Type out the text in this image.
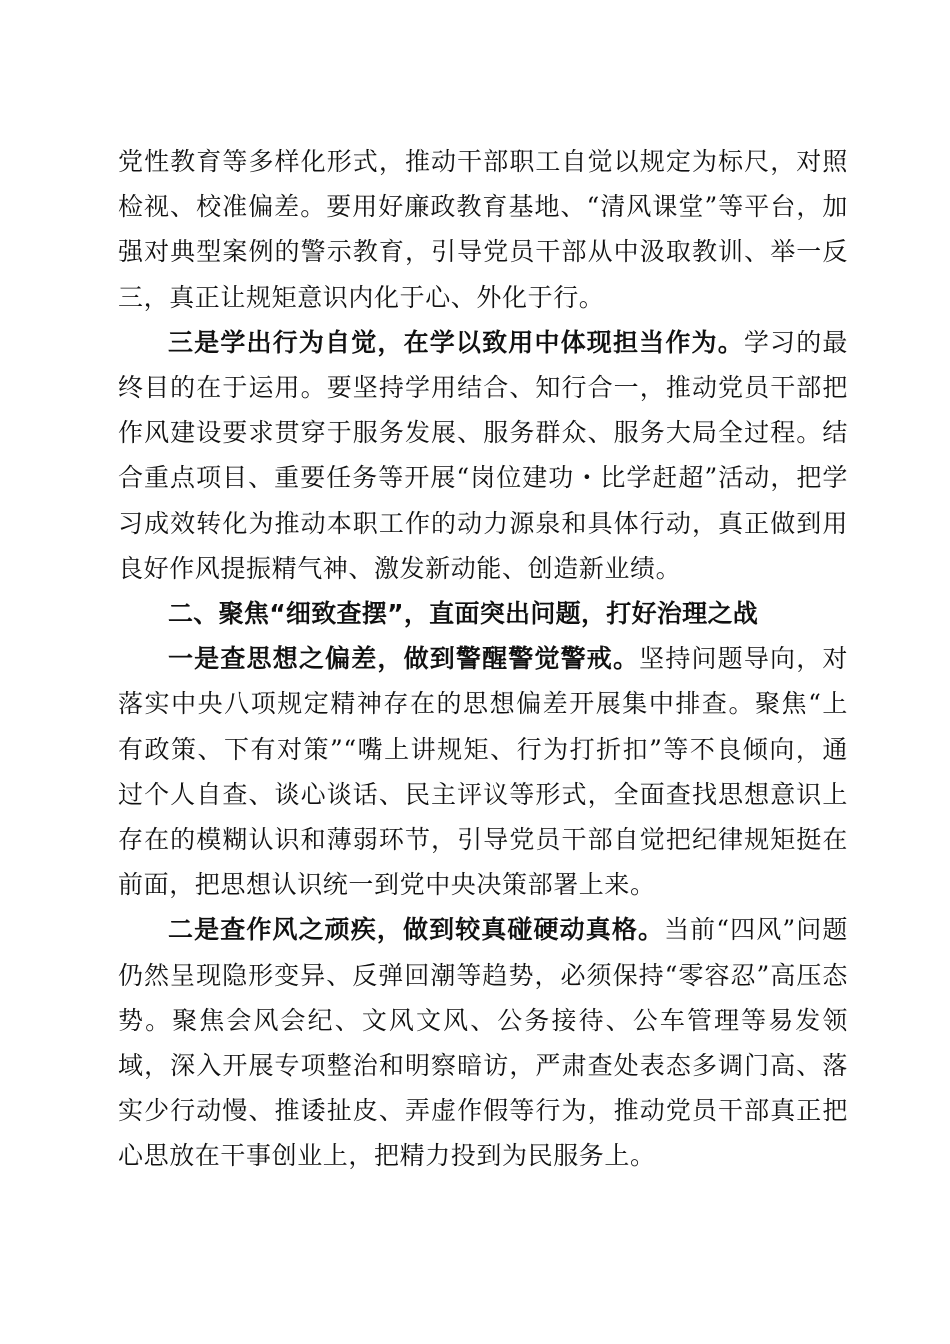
党性教育等多样化形式，推动干部职工自觉以规定为标尺，对照检视、校准偏差。要用好廉政教育基地、“清风课堂”等平台，加强对典型案例的警示教育，引导党员干部从中汲取教训、举一反三，真正让规矩意识内化于心、外化于行。

三是学出行为自觉，在学以致用中体现担当作为。学习的最终目的在于运用。要坚持学用结合、知行合一，推动党员干部把作风建设要求贯穿于服务发展、服务群众、服务大局全过程。结合重点项目、重要任务等开展“岗位建功・比学赶超”活动，把学习成效转化为推动本职工作的动力源泉和具体行动，真正做到用良好作风提振精气神、激发新动能、创造新业绩。

二、聚焦“细致查摆”，直面突出问题，打好治理之战

一是查思想之偏差，做到警醒警觉警戒。坚持问题导向，对落实中央八项规定精神存在的思想偏差开展集中排查。聚焦“上有政策、下有对策”“嘴上讲规矩、行为打折扣”等不良倾向，通过个人自查、谈心谈话、民主评议等形式，全面查找思想意识上存在的模糊认识和薄弱环节，引导党员干部自觉把纪律规矩挺在前面，把思想认识统一到党中央决策部署上来。

二是查作风之顽疾，做到较真碰硬动真格。当前“四风”问题仍然呈现隐形变异、反弹回潮等趋势，必须保持“零容忍”高压态势。聚焦会风会纪、文风文风、公务接待、公车管理等易发领域，深入开展专项整治和明察暗访，严肃查处表态多调门高、落实少行动慢、推诿扯皮、弄虚作假等行为，推动党员干部真正把心思放在干事创业上，把精力投到为民服务上。
